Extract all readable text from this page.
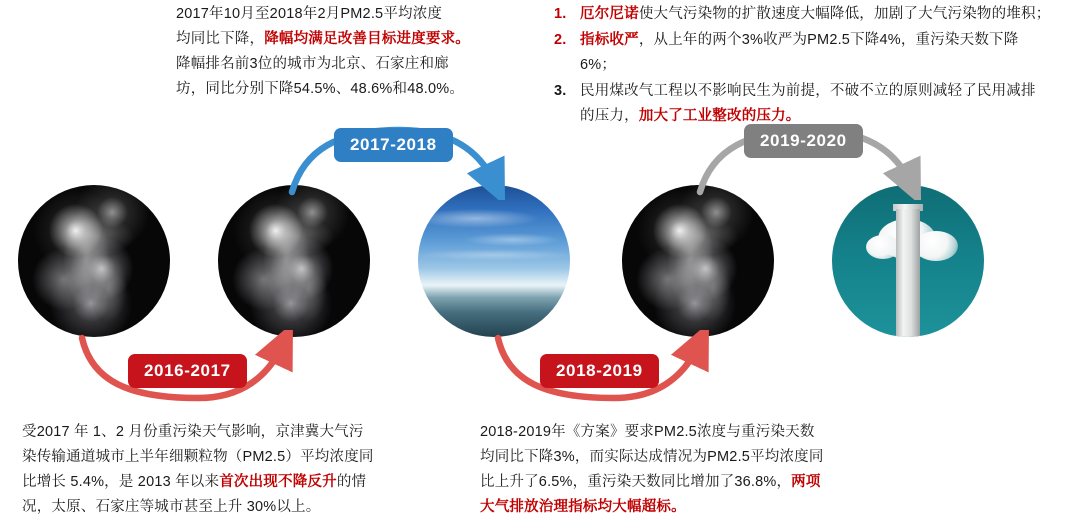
2017年10月至2018年2月PM2.5平均浓度
均同比下降，降幅均满足改善目标进度要求。
降幅排名前3位的城市为北京、石家庄和廊
坊，同比分别下降54.5%、48.6%和48.0%。
1. 厄尔尼诺使大气污染物的扩散速度大幅降低，加剧了大气污染物的堆积；
2. 指标收严，从上年的两个3%收严为PM2.5下降4%，重污染天数下降6%；
3. 民用煤改气工程以不影响民生为前提，不破不立的原则减轻了民用减排
的压力，加大了工业整改的压力。
2016-2017
2017-2018
2018-2019
2019-2020
受2017 年 1、2 月份重污染天气影响，京津冀大气污
染传输通道城市上半年细颗粒物（PM2.5）平均浓度同
比增长 5.4%，是 2013 年以来首次出现不降反升的情
况，太原、石家庄等城市甚至上升 30%以上。
2018-2019年《方案》要求PM2.5浓度与重污染天数
均同比下降3%，而实际达成情况为PM2.5平均浓度同
比上升了6.5%，重污染天数同比增加了36.8%，两项
大气排放治理指标均大幅超标。
